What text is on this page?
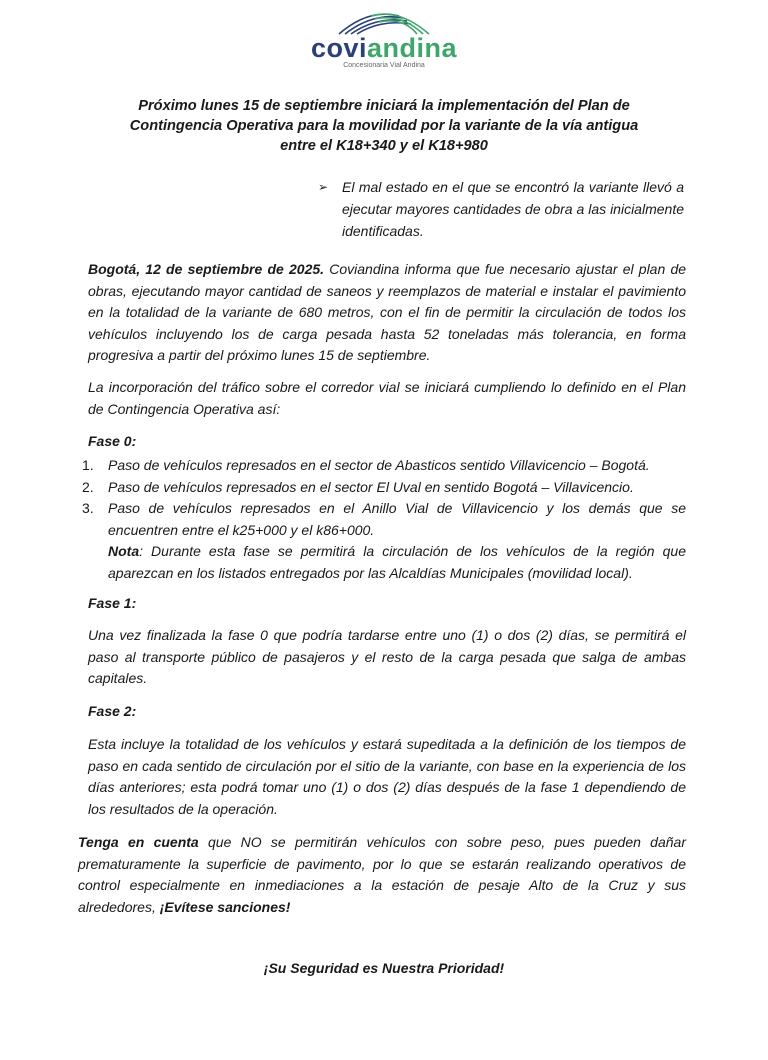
coviandina
Concesionaria Vial Andina
Próximo lunes 15 de septiembre iniciará la implementación del Plan de
Contingencia Operativa para la movilidad por la variante de la vía antigua
entre el K18+340 y el K18+980
➢ El mal estado en el que se encontró la variante llevó a ejecutar mayores cantidades de obra a las inicialmente identificadas.
Bogotá, 12 de septiembre de 2025. Coviandina informa que fue necesario ajustar el plan de obras, ejecutando mayor cantidad de saneos y reemplazos de material e instalar el pavimiento en la totalidad de la variante de 680 metros, con el fin de permitir la circulación de todos los vehículos incluyendo los de carga pesada hasta 52 toneladas más tolerancia, en forma progresiva a partir del próximo lunes 15 de septiembre.
La incorporación del tráfico sobre el corredor vial se iniciará cumpliendo lo definido en el Plan de Contingencia Operativa así:
Fase 0:
1. Paso de vehículos represados en el sector de Abasticos sentido Villavicencio – Bogotá.
2. Paso de vehículos represados en el sector El Uval en sentido Bogotá – Villavicencio.
3. Paso de vehículos represados en el Anillo Vial de Villavicencio y los demás que se encuentren entre el k25+000 y el k86+000.
Nota: Durante esta fase se permitirá la circulación de los vehículos de la región que aparezcan en los listados entregados por las Alcaldías Municipales (movilidad local).
Fase 1:
Una vez finalizada la fase 0 que podría tardarse entre uno (1) o dos (2) días, se permitirá el paso al transporte público de pasajeros y el resto de la carga pesada que salga de ambas capitales.
Fase 2:
Esta incluye la totalidad de los vehículos y estará supeditada a la definición de los tiempos de paso en cada sentido de circulación por el sitio de la variante, con base en la experiencia de los días anteriores; esta podrá tomar uno (1) o dos (2) días después de la fase 1 dependiendo de los resultados de la operación.
Tenga en cuenta que NO se permitirán vehículos con sobre peso, pues pueden dañar prematuramente la superficie de pavimento, por lo que se estarán realizando operativos de control especialmente en inmediaciones a la estación de pesaje Alto de la Cruz y sus alrededores, ¡Evítese sanciones!
¡Su Seguridad es Nuestra Prioridad!
